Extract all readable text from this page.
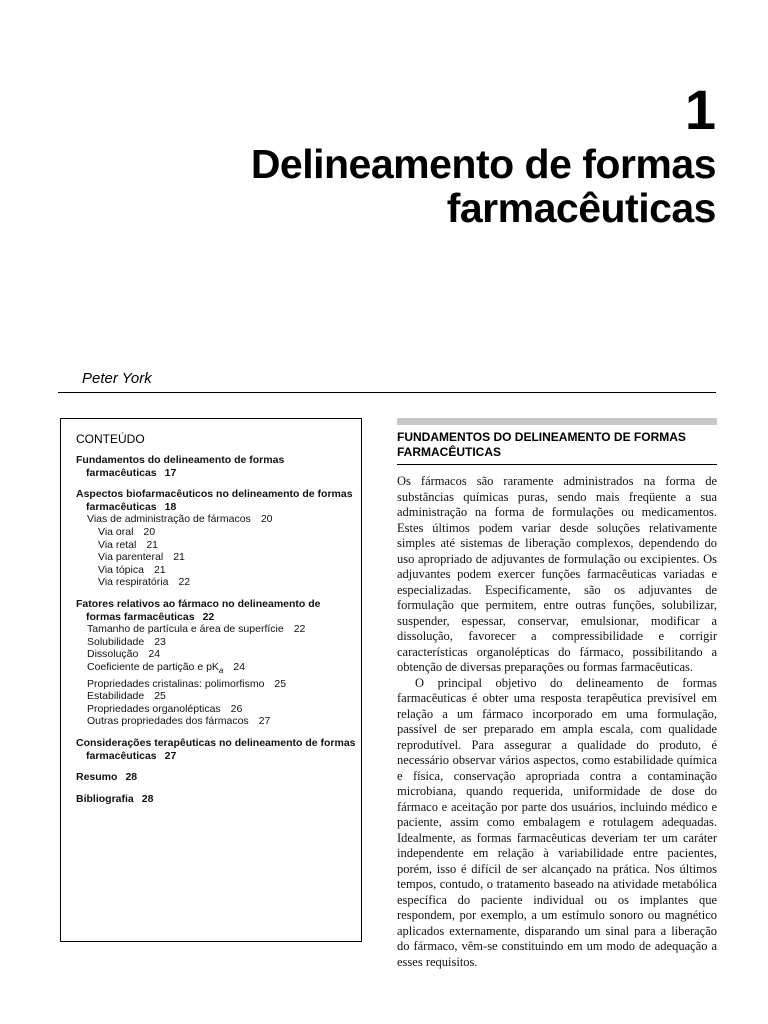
1
Delineamento de formas
farmacêuticas
Peter York
CONTEÚDO
Fundamentos do delineamento de formas farmacêuticas 17
Aspectos biofarmacêuticos no delineamento de formas farmacêuticas 18
Vias de administração de fármacos 20
Via oral 20
Via retal 21
Via parenteral 21
Via tópica 21
Via respiratória 22
Fatores relativos ao fármaco no delineamento de formas farmacêuticas 22
Tamanho de partícula e área de superfície 22
Solubilidade 23
Dissolução 24
Coeficiente de partição e $pK_a$ 24
Propriedades cristalinas: polimorfismo 25
Estabilidade 25
Propriedades organolépticas 26
Outras propriedades dos fármacos 27
Considerações terapêuticas no delineamento de formas farmacêuticas 27
Resumo 28
Bibliografia 28
FUNDAMENTOS DO DELINEAMENTO DE FORMAS FARMACÊUTICAS

Os fármacos são raramente administrados na forma de substâncias químicas puras, sendo mais freqüente a sua administração na forma de formulações ou medicamentos. Estes últimos podem variar desde soluções relativamente simples até sistemas de liberação complexos, dependendo do uso apropriado de adjuvantes de formulação ou excipientes. Os adjuvantes podem exercer funções farmacêuticas variadas e especializadas. Especificamente, são os adjuvantes de formulação que permitem, entre outras funções, solubilizar, suspender, espessar, conservar, emulsionar, modificar a dissolução, favorecer a compressibilidade e corrigir características organolépticas do fármaco, possibilitando a obtenção de diversas preparações ou formas farmacêuticas.

O principal objetivo do delineamento de formas farmacêuticas é obter uma resposta terapêutica previsível em relação a um fármaco incorporado em uma formulação, passível de ser preparado em ampla escala, com qualidade reprodutível. Para assegurar a qualidade do produto, é necessário observar vários aspectos, como estabilidade química e física, conservação apropriada contra a contaminação microbiana, quando requerida, uniformidade de dose do fármaco e aceitação por parte dos usuários, incluindo médico e paciente, assim como embalagem e rotulagem adequadas. Idealmente, as formas farmacêuticas deveriam ter um caráter independente em relação à variabilidade entre pacientes, porém, isso é difícil de ser alcançado na prática. Nos últimos tempos, contudo, o tratamento baseado na atividade metabólica específica do paciente individual ou os implantes que respondem, por exemplo, a um estímulo sonoro ou magnético aplicados externamente, disparando um sinal para a liberação do fármaco, vêm-se constituindo em um modo de adequação a esses requisitos.
